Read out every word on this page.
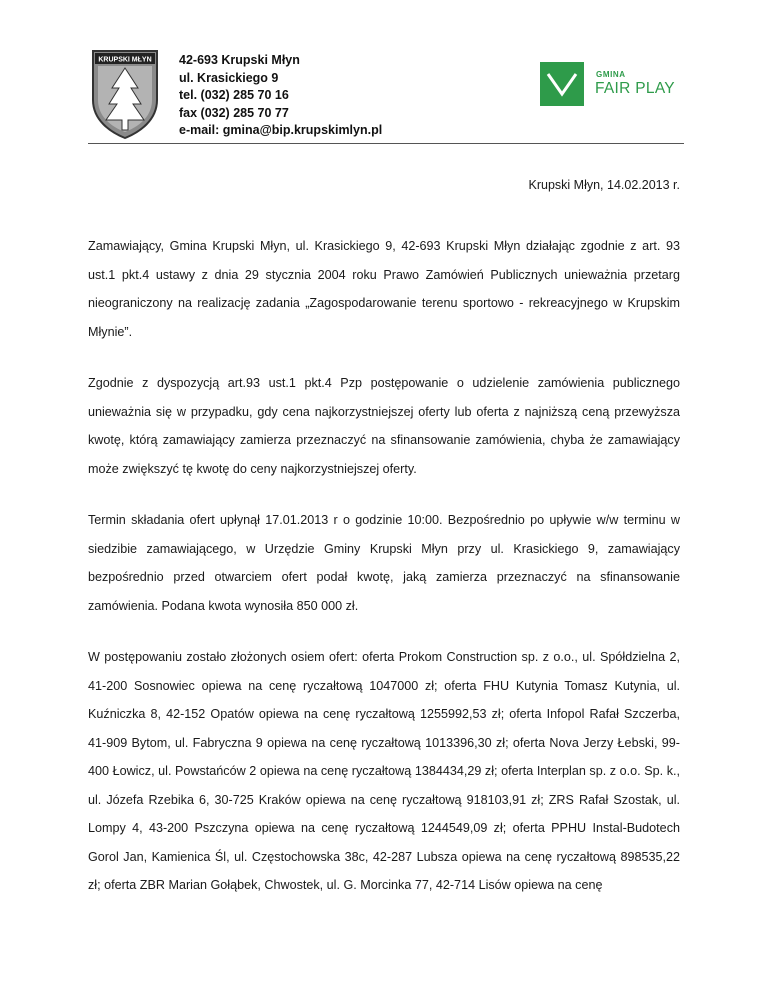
KRUPSKI MŁYN 42-693 Krupski Młyn
ul. Krasickiego 9
tel. (032) 285 70 16
fax (032) 285 70 77
e-mail: gmina@bip.krupskimlyn.pl
GMINA
FAIR PLAY
Krupski Młyn, 14.02.2013 r.

Zamawiający, Gmina Krupski Młyn, ul. Krasickiego 9, 42-693 Krupski Młyn działając zgodnie z art. 93 ust.1 pkt.4 ustawy z dnia 29 stycznia 2004 roku Prawo Zamówień Publicznych unieważnia przetarg nieograniczony na realizację zadania „Zagospodarowanie terenu sportowo - rekreacyjnego w Krupskim Młynie”.

Zgodnie z dyspozycją art.93 ust.1 pkt.4 Pzp postępowanie o udzielenie zamówienia publicznego unieważnia się w przypadku, gdy cena najkorzystniejszej oferty lub oferta z najniższą ceną przewyższa kwotę, którą zamawiający zamierza przeznaczyć na sfinansowanie zamówienia, chyba że zamawiający może zwiększyć tę kwotę do ceny najkorzystniejszej oferty.

Termin składania ofert upłynął 17.01.2013 r o godzinie 10:00. Bezpośrednio po upływie w/w terminu w siedzibie zamawiającego, w Urzędzie Gminy Krupski Młyn przy ul. Krasickiego 9, zamawiający bezpośrednio przed otwarciem ofert podał kwotę, jaką zamierza przeznaczyć na sfinansowanie zamówienia. Podana kwota wynosiła 850 000 zł.

W postępowaniu zostało złożonych osiem ofert: oferta Prokom Construction sp. z o.o., ul. Spółdzielna 2, 41-200 Sosnowiec opiewa na cenę ryczałtową 1047000 zł; oferta FHU Kutynia Tomasz Kutynia, ul. Kuźniczka 8, 42-152 Opatów opiewa na cenę ryczałtową 1255992,53 zł; oferta Infopol Rafał Szczerba, 41-909 Bytom, ul. Fabryczna 9 opiewa na cenę ryczałtową 1013396,30 zł; oferta Nova Jerzy Łebski, 99-400 Łowicz, ul. Powstańców 2 opiewa na cenę ryczałtową 1384434,29 zł; oferta Interplan sp. z o.o. Sp. k., ul. Józefa Rzebika 6, 30-725 Kraków opiewa na cenę ryczałtową 918103,91 zł; ZRS Rafał Szostak, ul. Lompy 4, 43-200 Pszczyna opiewa na cenę ryczałtową 1244549,09 zł; oferta PPHU Instal-Budotech Gorol Jan, Kamienica Śl, ul. Częstochowska 38c, 42-287 Lubsza opiewa na cenę ryczałtową 898535,22 zł; oferta ZBR Marian Gołąbek, Chwostek, ul. G. Morcinka 77, 42-714 Lisów opiewa na cenę
